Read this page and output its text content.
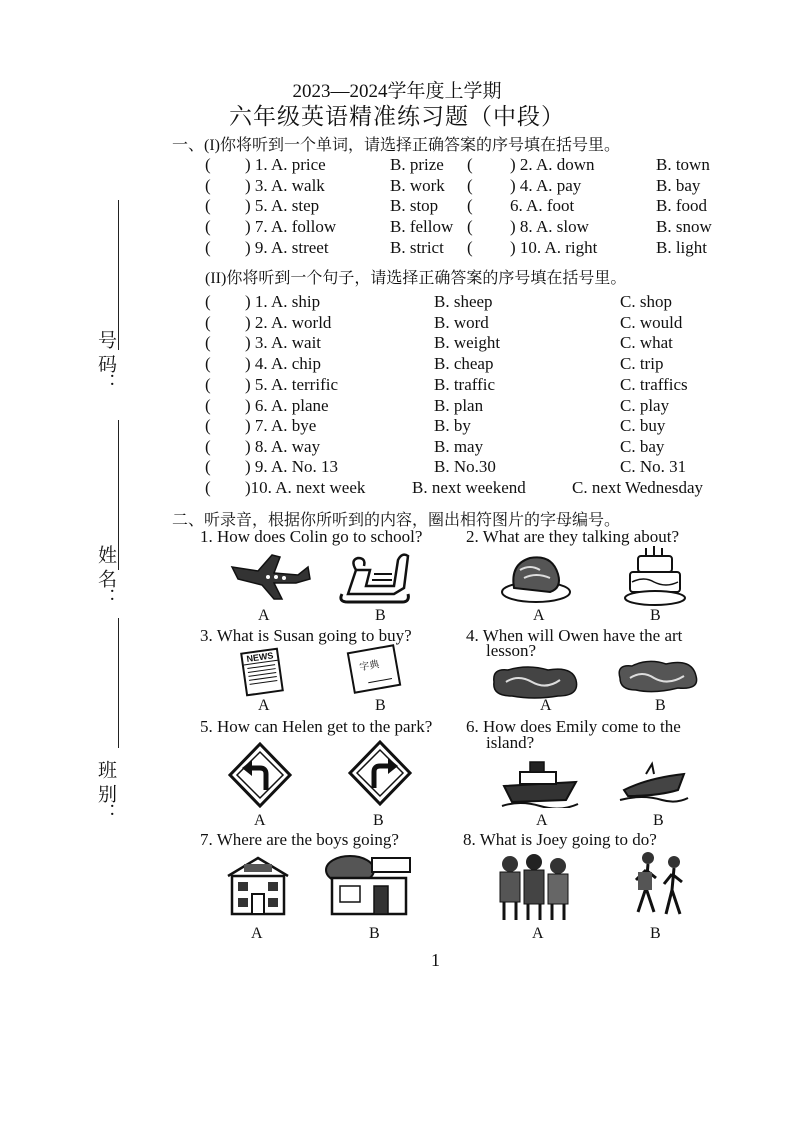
2023—2024学年度上学期
六年级英语精准练习题（中段）
号 码：
姓 名：
班 别：
一、(I)你将听到一个单词，请选择正确答案的序号填在括号里。
( ) 1. A. price	B. prize ( ) 2. A. down	B. town
( ) 3. A. walk	B. work ( ) 4. A. pay	B. bay
( ) 5. A. step	B. stop ( 6. A. foot	B. food
( ) 7. A. follow	B. fellow ( ) 8. A. slow	B. snow
( ) 9. A. street	B. strict ( ) 10. A. right	B. light
(II)你将听到一个句子，请选择正确答案的序号填在括号里。
( ) 1. A. ship	B. sheep	C. shop
( ) 2. A. world	B. word	C. would
( ) 3. A. wait	B. weight	C. what
( ) 4. A. chip	B. cheap	C. trip
( ) 5. A. terrific	B. traffic	C. traffics
( ) 6. A. plane	B. plan	C. play
( ) 7. A. bye	B. by	C. buy
( ) 8. A. way	B. may	C. bay
( ) 9. A. No. 13	B. No.30	C. No. 31
( )10. A. next week	B. next weekend	C. next Wednesday
二、听录音，根据你所听到的内容，圈出相符图片的字母编号。
1. How does Colin go to school?
A	B
2. What are they talking about?
A	B
3. What is Susan going to buy?
NEWS
字典
A	B
4. When will Owen have the art
lesson?
A	B
5. How can Helen get to the park?
A	B
6. How does Emily come to the
island?
A	B
7. Where are the boys going?
A	B
8. What is Joey going to do?
A	B
1
